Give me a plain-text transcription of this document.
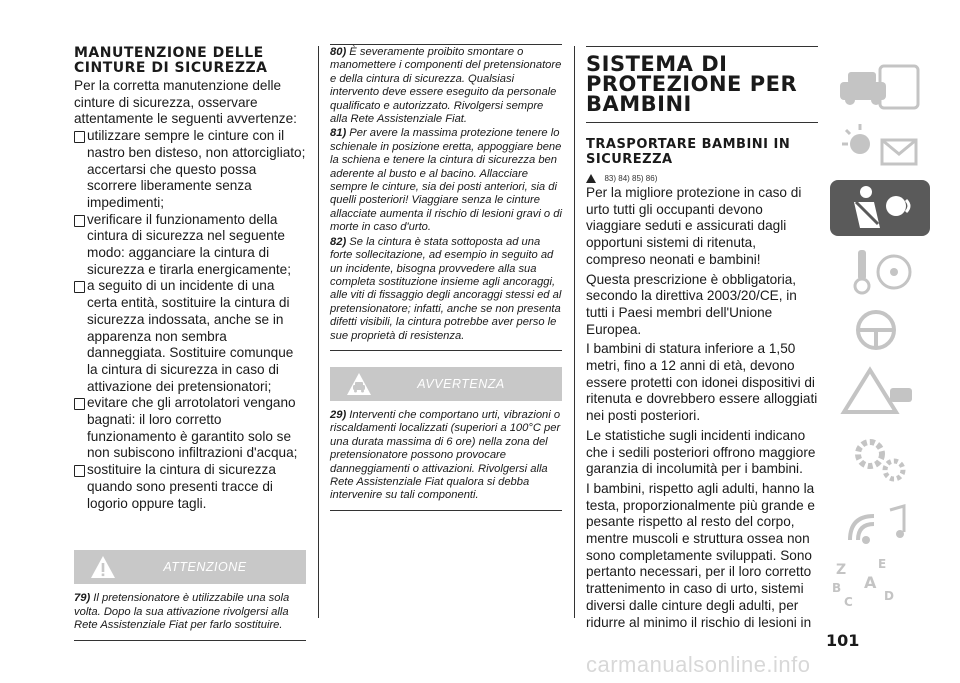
MANUTENZIONE DELLE CINTURE DI SICUREZZA

Per la corretta manutenzione delle cinture di sicurezza, osservare attentamente le seguenti avvertenze:

utilizzare sempre le cinture con il nastro ben disteso, non attorcigliato; accertarsi che questo possa scorrere liberamente senza impedimenti;

verificare il funzionamento della cintura di sicurezza nel seguente modo: agganciare la cintura di sicurezza e tirarla energicamente;

a seguito di un incidente di una certa entità, sostituire la cintura di sicurezza indossata, anche se in apparenza non sembra danneggiata. Sostituire comunque la cintura di sicurezza in caso di attivazione dei pretensionatori;

evitare che gli arrotolatori vengano bagnati: il loro corretto funzionamento è garantito solo se non subiscono infiltrazioni d'acqua;

sostituire la cintura di sicurezza quando sono presenti tracce di logorio oppure tagli.

ATTENZIONE

79) Il pretensionatore è utilizzabile una sola volta. Dopo la sua attivazione rivolgersi alla Rete Assistenziale Fiat per farlo sostituire.

80) È severamente proibito smontare o manomettere i componenti del pretensionatore e della cintura di sicurezza. Qualsiasi intervento deve essere eseguito da personale qualificato e autorizzato. Rivolgersi sempre alla Rete Assistenziale Fiat.

81) Per avere la massima protezione tenere lo schienale in posizione eretta, appoggiare bene la schiena e tenere la cintura di sicurezza ben aderente al busto e al bacino. Allacciare sempre le cinture, sia dei posti anteriori, sia di quelli posteriori! Viaggiare senza le cinture allacciate aumenta il rischio di lesioni gravi o di morte in caso d'urto.

82) Se la cintura è stata sottoposta ad una forte sollecitazione, ad esempio in seguito ad un incidente, bisogna provvedere alla sua completa sostituzione insieme agli ancoraggi, alle viti di fissaggio degli ancoraggi stessi ed al pretensionatore; infatti, anche se non presenta difetti visibili, la cintura potrebbe aver perso le sue proprietà di resistenza.

AVVERTENZA

29) Interventi che comportano urti, vibrazioni o riscaldamenti localizzati (superiori a 100°C per una durata massima di 6 ore) nella zona del pretensionatore possono provocare danneggiamenti o attivazioni. Rivolgersi alla Rete Assistenziale Fiat qualora si debba intervenire su tali componenti.

SISTEMA DI PROTEZIONE PER BAMBINI
TRASPORTARE BAMBINI IN SICUREZZA
83) 84) 85) 86)

Per la migliore protezione in caso di urto tutti gli occupanti devono viaggiare seduti e assicurati dagli opportuni sistemi di ritenuta, compreso neonati e bambini!

Questa prescrizione è obbligatoria, secondo la direttiva 2003/20/CE, in tutti i Paesi membri dell'Unione Europea.

I bambini di statura inferiore a 1,50 metri, fino a 12 anni di età, devono essere protetti con idonei dispositivi di ritenuta e dovrebbero essere alloggiati nei posti posteriori.

Le statistiche sugli incidenti indicano che i sedili posteriori offrono maggiore garanzia di incolumità per i bambini.

I bambini, rispetto agli adulti, hanno la testa, proporzionalmente più grande e pesante rispetto al resto del corpo, mentre muscoli e struttura ossea non sono completamente sviluppati. Sono pertanto necessari, per il loro corretto trattenimento in caso di urto, sistemi diversi dalle cinture degli adulti, per ridurre al minimo il rischio di lesioni in

Z	E
A
B
C	D
101
carmanualsonline.info
